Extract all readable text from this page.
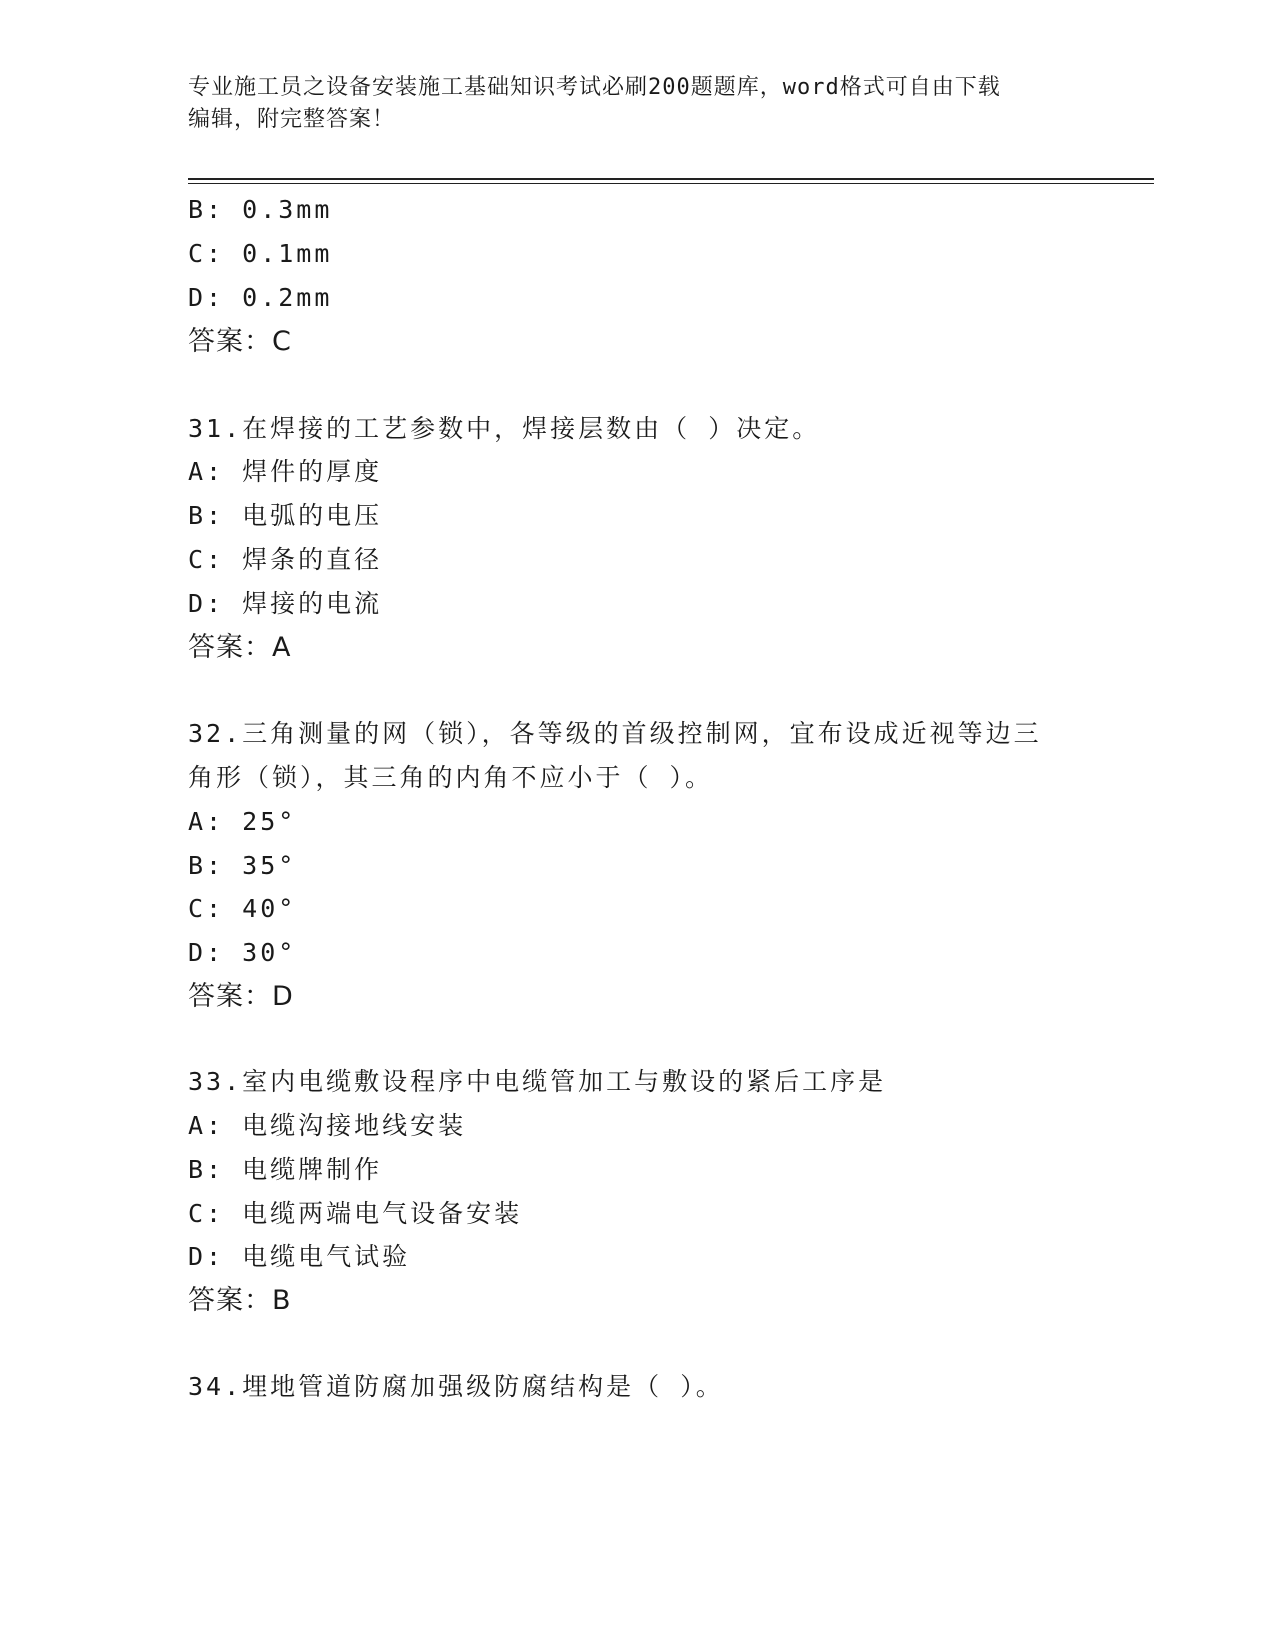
专业施工员之设备安装施工基础知识考试必刷200题题库，word格式可自由下载
编辑，附完整答案！
B: 0.3mm
C: 0.1mm
D: 0.2mm
答案：C
31.在焊接的工艺参数中，焊接层数由（ ）决定。
A: 焊件的厚度
B: 电弧的电压
C: 焊条的直径
D: 焊接的电流
答案：A
32.三角测量的网（锁），各等级的首级控制网，宜布设成近视等边三
角形（锁），其三角的内角不应小于（ ）。
A: 25°
B: 35°
C: 40°
D: 30°
答案：D
33.室内电缆敷设程序中电缆管加工与敷设的紧后工序是
A: 电缆沟接地线安装
B: 电缆牌制作
C: 电缆两端电气设备安装
D: 电缆电气试验
答案：B
34.埋地管道防腐加强级防腐结构是（ ）。
